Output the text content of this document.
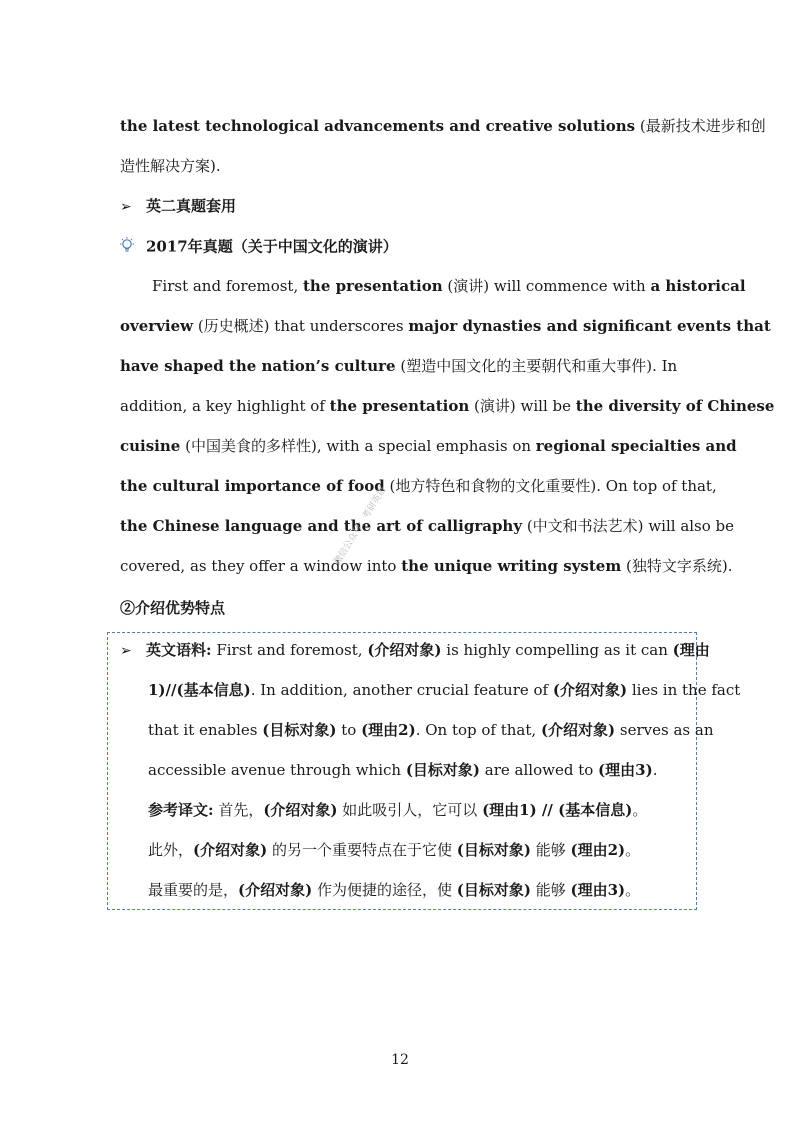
the latest technological advancements and creative solutions (最新技术进步和创
造性解决方案).
➢ 英二真题套用
2017年真题（关于中国文化的演讲）
First and foremost, the presentation (演讲) will commence with a historical
overview (历史概述) that underscores major dynasties and significant events that
have shaped the nation’s culture (塑造中国文化的主要朝代和重大事件). In
addition, a key highlight of the presentation (演讲) will be the diversity of Chinese
cuisine (中国美食的多样性), with a special emphasis on regional specialties and
the cultural importance of food (地方特色和食物的文化重要性). On top of that,
the Chinese language and the art of calligraphy (中文和书法艺术) will also be
covered, as they offer a window into the unique writing system (独特文字系统).
②介绍优势特点
➢ 英文语料: First and foremost, (介绍对象) is highly compelling as it can (理由
1)//(基本信息). In addition, another crucial feature of (介绍对象) lies in the fact
that it enables (目标对象) to (理由2). On top of that, (介绍对象) serves as an
accessible avenue through which (目标对象) are allowed to (理由3).
参考译文: 首先，(介绍对象) 如此吸引人，它可以 (理由1) // (基本信息)。
此外，(介绍对象) 的另一个重要特点在于它使 (目标对象) 能够 (理由2)。
最重要的是，(介绍对象) 作为便捷的途径，使 (目标对象) 能够 (理由3)。
微信公众号：考研英语
12
